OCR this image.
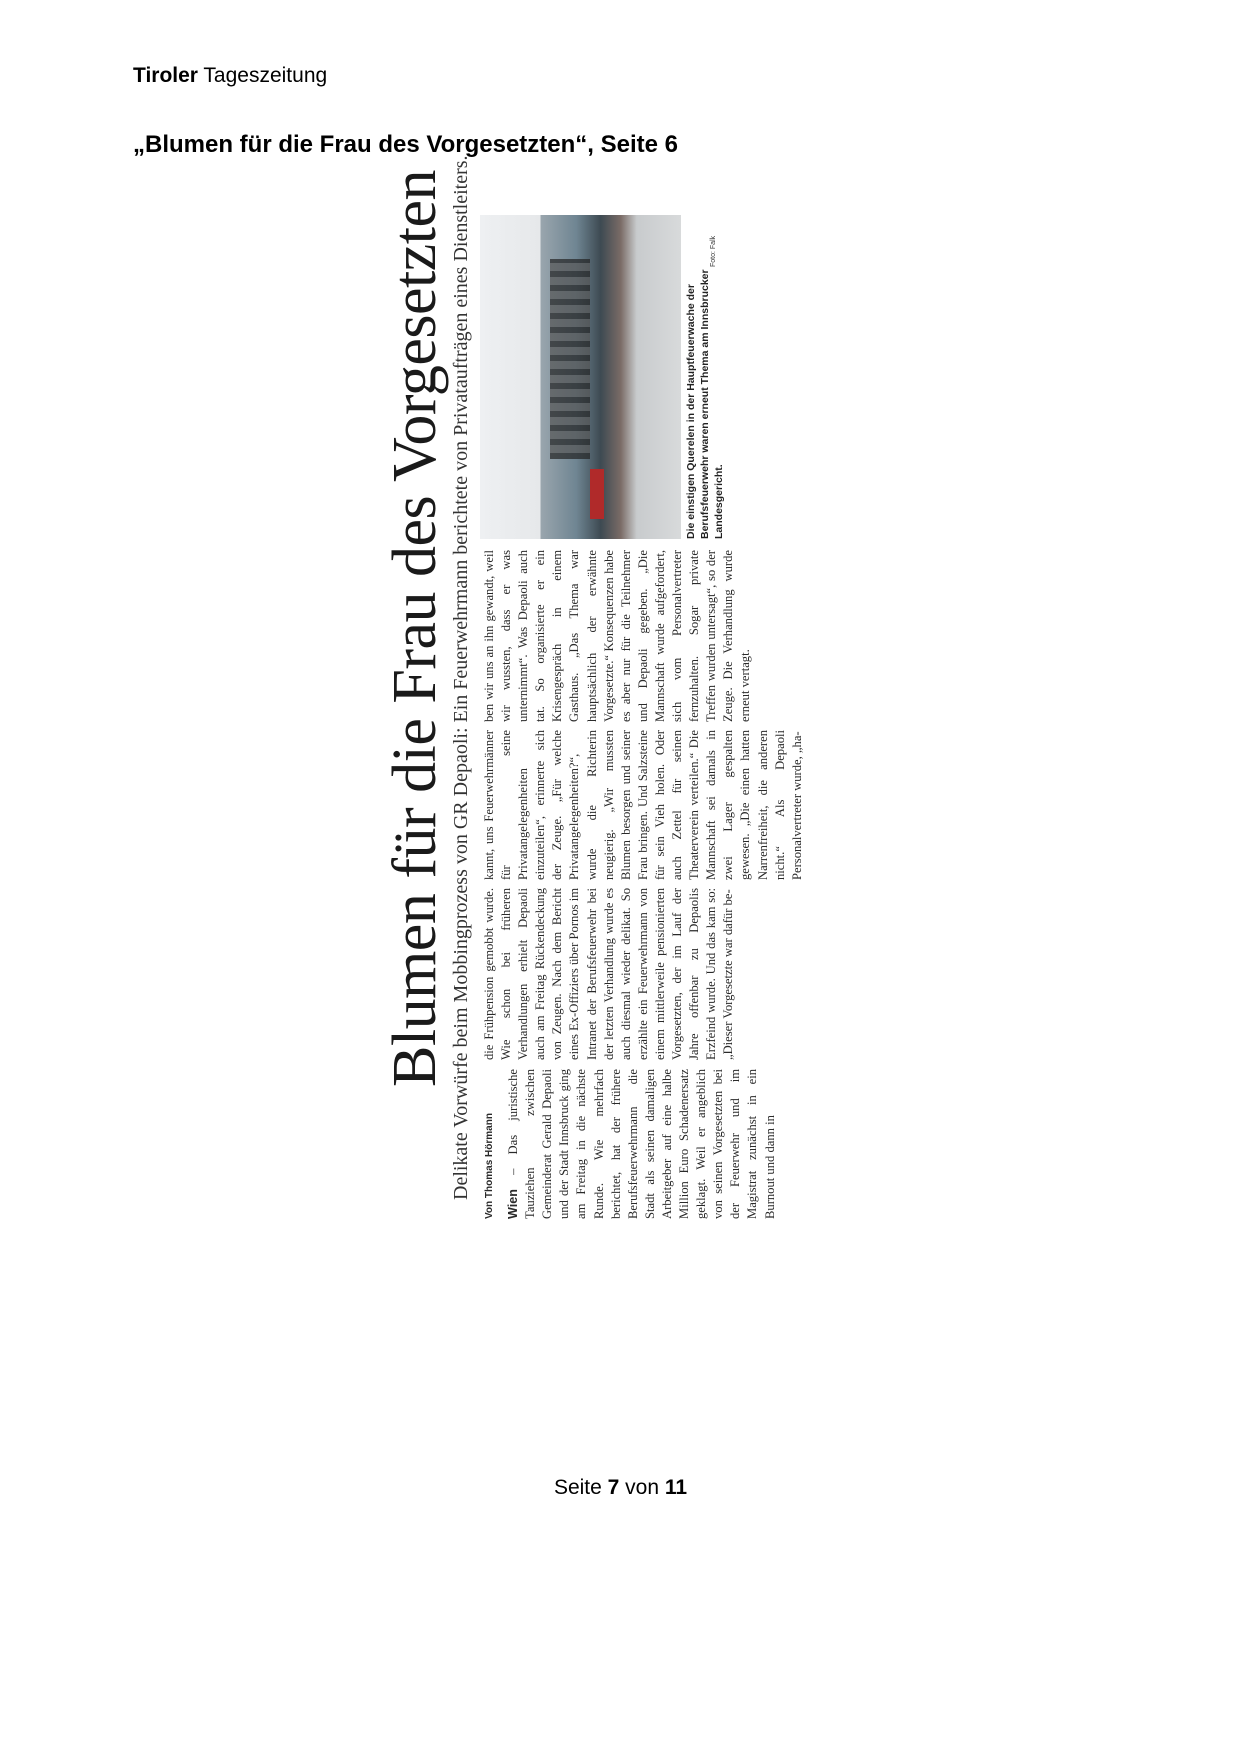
Tiroler Tageszeitung
„Blumen für die Frau des Vorgesetzten“, Seite 6
Blumen für die Frau des Vorgesetzten Delikate Vorwürfe beim Mobbingprozess von GR Depaoli: Ein Feuerwehrmann berichtete von Privataufträgen eines Dienstleiters.	Von Thomas Hörmann Wien – Das juristische Tauziehen zwischen Gemeinderat Gerald Depaoli und der Stadt Innsbruck ging am Freitag in die nächste Runde. Wie mehrfach berichtet, hat der frühere Berufsfeuerwehrmann die Stadt als seinen damaligen Arbeitgeber auf eine halbe Million Euro Schadenersatz geklagt. Weil er angeblich von seinen Vorgesetzten bei der Feuerwehr und im Magistrat zunächst in ein Burnout und dann in
die Frühpension gemobbt wurde. Wie schon bei früheren Verhandlungen erhielt Depaoli auch am Freitag Rückendeckung von Zeugen. Nach dem Bericht eines Ex-Offiziers über Pornos im Intranet der Berufsfeuerwehr bei der letzten Verhandlung wurde es auch diesmal wieder delikat. So erzählte ein Feuerwehrmann von einem mittlerweile pensionierten Vorgesetzten, der im Lauf der Jahre offenbar zu Depaolis Erzfeind wurde. Und das kam so: „Dieser Vorgesetzte war dafür be-
kannt, uns Feuerwehrmänner für seine Privatangelegenheiten einzuteilen“, erinnerte sich der Zeuge. „Für welche Privatangelegenheiten?“, wurde die Richterin neugierig. „Wir mussten Blumen besorgen und seiner Frau bringen. Und Salzsteine für sein Vieh holen. Oder auch Zettel für seinen Theaterverein verteilen.“ Die Mannschaft sei damals in zwei Lager gespalten gewesen. „Die einen hatten Narrenfreiheit, die anderen nicht.“ Als Depaoli Personalvertreter wurde, „ha-
ben wir uns an ihn gewandt, weil wir wussten, dass er was unternimmt“. Was Depaoli auch tat. So organisierte er ein Krisengespräch in einem Gasthaus. „Das Thema war hauptsächlich der erwähnte Vorgesetzte.“ Konsequenzen habe es aber nur für die Teilnehmer und Depaoli gegeben. „Die Mannschaft wurde aufgefordert, sich vom Personalvertreter fernzuhalten. Sogar private Treffen wurden untersagt“, so der Zeuge. Die Verhandlung wurde erneut vertagt.
Die einstigen Querelen in der Hauptfeuerwache der Berufsfeuerwehr waren erneut Thema am Innsbrucker Landesgericht.
Foto: Falk
Seite 7 von 11
